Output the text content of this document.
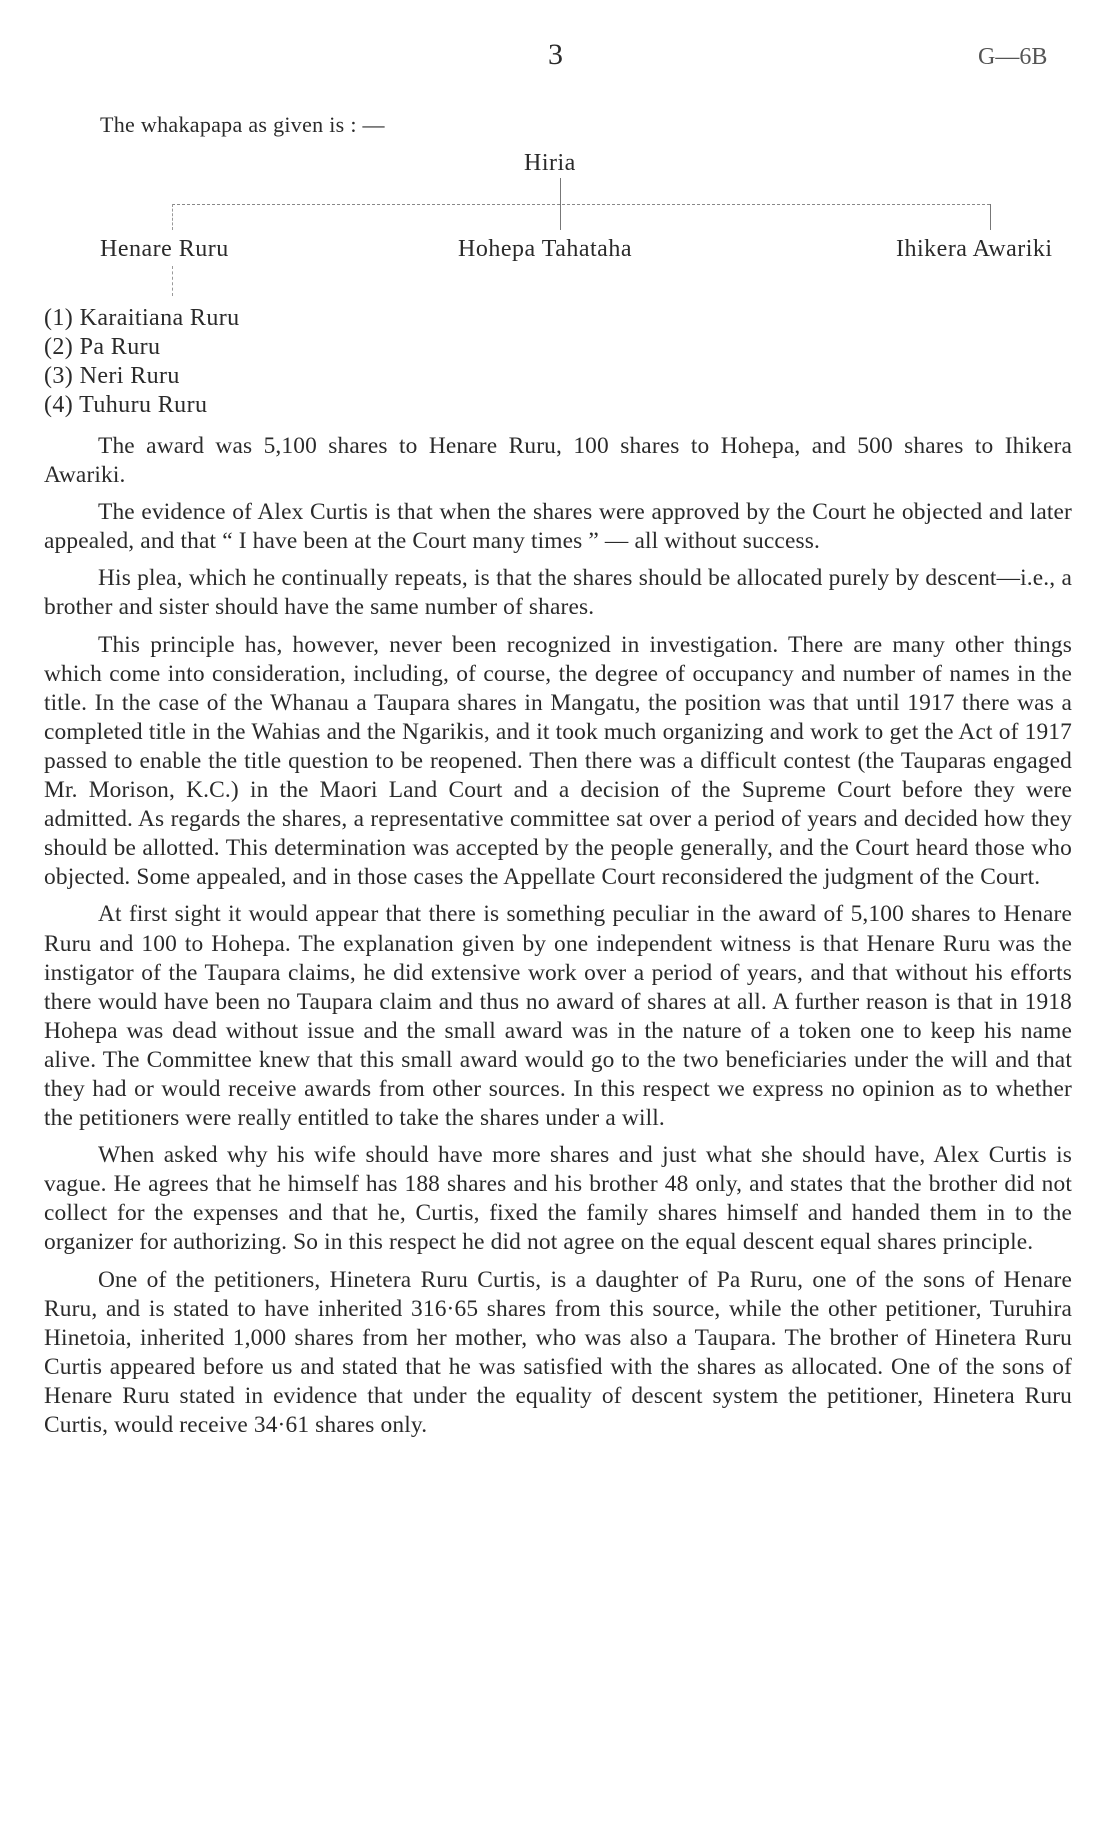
3	G—6B
The whakapapa as given is : —
Hiria
Henare Ruru	Hohepa Tahataha	Ihikera Awariki
(1) Karaitiana Ruru
(2) Pa Ruru
(3) Neri Ruru
(4) Tuhuru Ruru

The award was 5,100 shares to Henare Ruru, 100 shares to Hohepa, and 500 shares to Ihikera Awariki.

The evidence of Alex Curtis is that when the shares were approved by the Court he objected and later appealed, and that “ I have been at the Court many times ” — all without success.

His plea, which he continually repeats, is that the shares should be allocated purely by descent—i.e., a brother and sister should have the same number of shares.

This principle has, however, never been recognized in investigation. There are many other things which come into consideration, including, of course, the degree of occupancy and number of names in the title. In the case of the Whanau a Taupara shares in Mangatu, the position was that until 1917 there was a completed title in the Wahias and the Ngarikis, and it took much organizing and work to get the Act of 1917 passed to enable the title question to be reopened. Then there was a difficult contest (the Tauparas engaged Mr. Morison, K.C.) in the Maori Land Court and a decision of the Supreme Court before they were admitted. As regards the shares, a representative committee sat over a period of years and decided how they should be allotted. This determination was accepted by the people generally, and the Court heard those who objected. Some appealed, and in those cases the Appellate Court reconsidered the judgment of the Court.

At first sight it would appear that there is something peculiar in the award of 5,100 shares to Henare Ruru and 100 to Hohepa. The explanation given by one independent witness is that Henare Ruru was the instigator of the Taupara claims, he did extensive work over a period of years, and that without his efforts there would have been no Taupara claim and thus no award of shares at all. A further reason is that in 1918 Hohepa was dead without issue and the small award was in the nature of a token one to keep his name alive. The Committee knew that this small award would go to the two beneficiaries under the will and that they had or would receive awards from other sources. In this respect we express no opinion as to whether the petitioners were really entitled to take the shares under a will.

When asked why his wife should have more shares and just what she should have, Alex Curtis is vague. He agrees that he himself has 188 shares and his brother 48 only, and states that the brother did not collect for the expenses and that he, Curtis, fixed the family shares himself and handed them in to the organizer for authorizing. So in this respect he did not agree on the equal descent equal shares principle.

One of the petitioners, Hinetera Ruru Curtis, is a daughter of Pa Ruru, one of the sons of Henare Ruru, and is stated to have inherited 316·65 shares from this source, while the other petitioner, Turuhira Hinetoia, inherited 1,000 shares from her mother, who was also a Taupara. The brother of Hinetera Ruru Curtis appeared before us and stated that he was satisfied with the shares as allocated. One of the sons of Henare Ruru stated in evidence that under the equality of descent system the petitioner, Hinetera Ruru Curtis, would receive 34·61 shares only.
